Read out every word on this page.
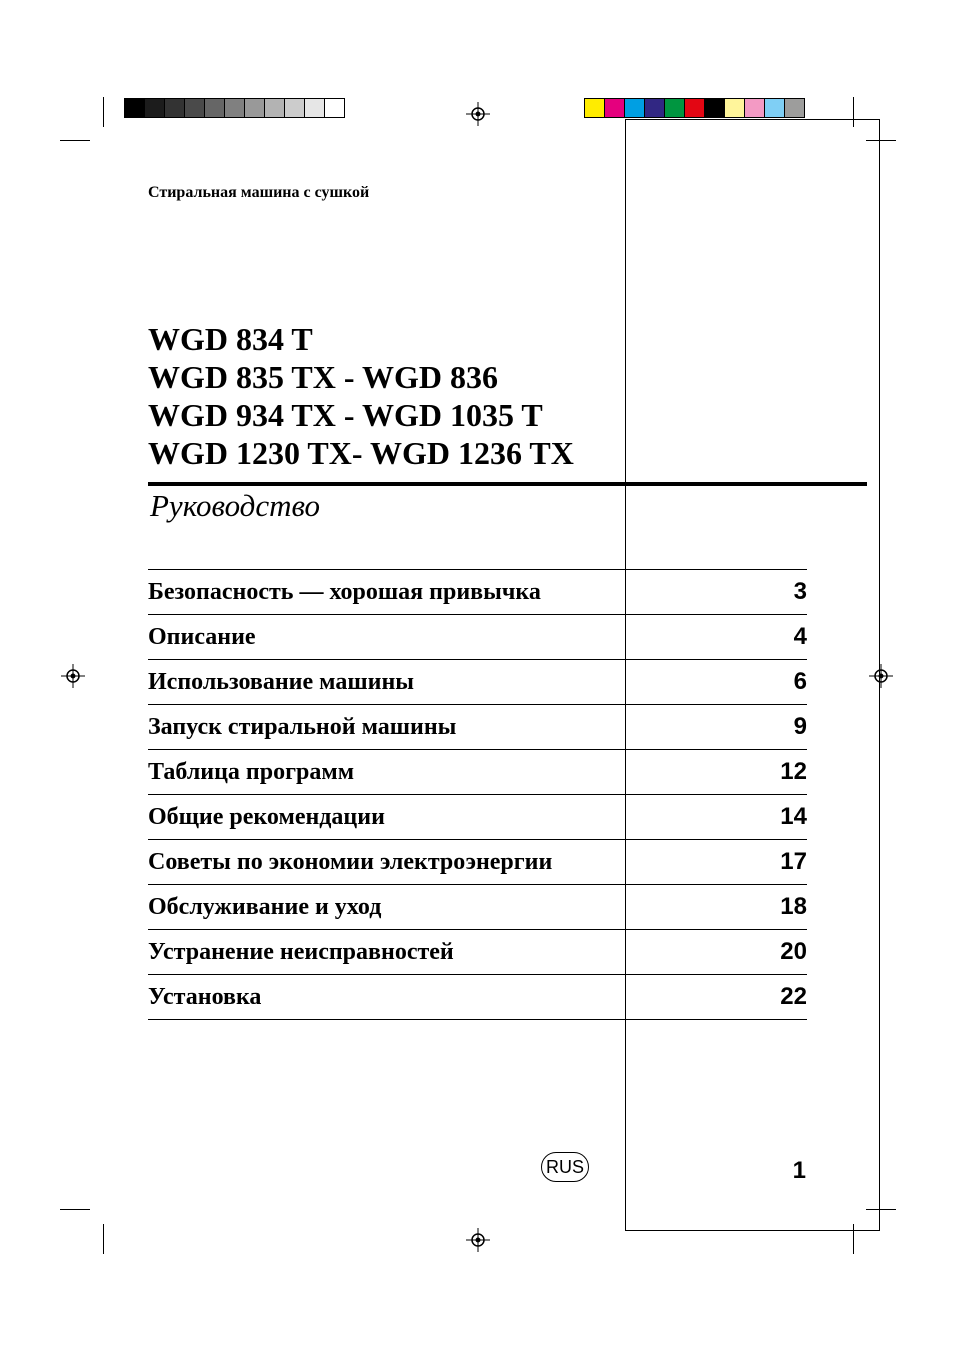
Стиральная машина с сушкой
WGD 834 T
WGD 835 TX - WGD 836
WGD 934 TX - WGD 1035 T
WGD 1230 TX- WGD 1236 TX
Руководство
Безопасность — хорошая привычка	3
Описание	4
Использование машины	6
Запуск стиральной машины	9
Таблица программ	12
Общие рекомендации	14
Советы по экономии электроэнергии	17
Обслуживание и уход	18
Устранение неисправностей	20
Установка	22
RUS	1
